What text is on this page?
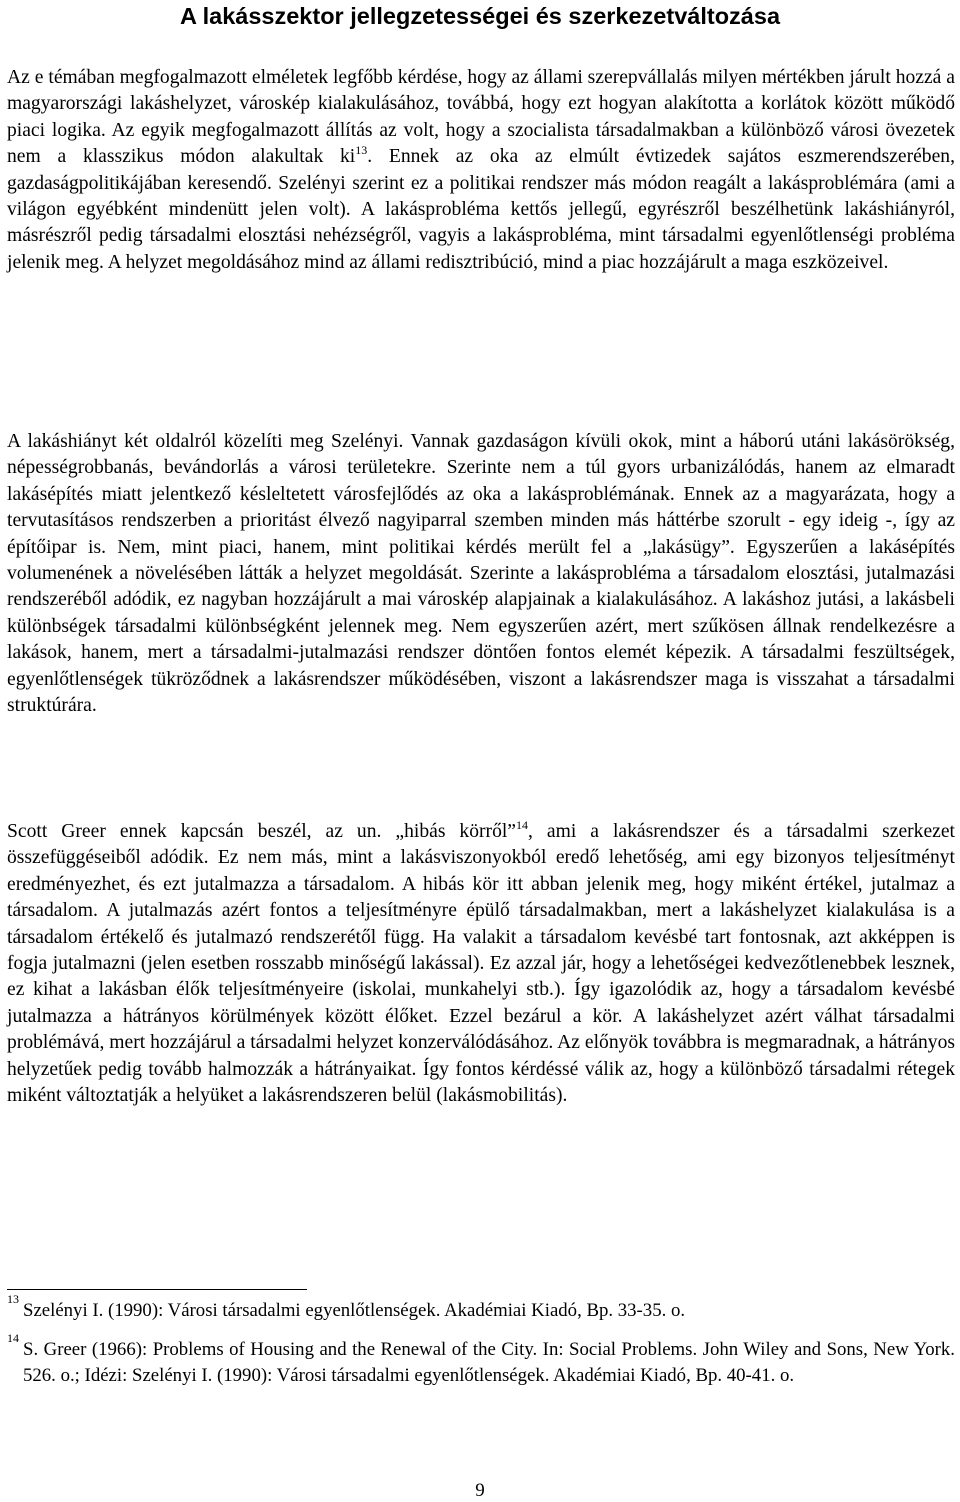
A lakásszektor jellegzetességei és szerkezetváltozása

Az e témában megfogalmazott elméletek legfőbb kérdése, hogy az állami szerepvállalás milyen mértékben járult hozzá a magyarországi lakáshelyzet, városkép kialakulásához, továbbá, hogy ezt hogyan alakította a korlátok között működő piaci logika. Az egyik megfogalmazott állítás az volt, hogy a szocialista társadalmakban a különböző városi övezetek nem a klasszikus módon alakultak $ki^{13}$. Ennek az oka az elmúlt évtizedek sajátos eszmerendszerében, gazdaságpolitikájában keresendő. Szelényi szerint ez a politikai rendszer más módon reagált a lakásproblémára (ami a világon egyébként mindenütt jelen volt). A lakásprobléma kettős jellegű, egyrészről beszélhetünk lakáshiányról, másrészről pedig társadalmi elosztási nehézségről, vagyis a lakásprobléma, mint társadalmi egyenlőtlenségi probléma jelenik meg. A helyzet megoldásához mind az állami redisztribúció, mind a piac hozzájárult a maga eszközeivel.

A lakáshiányt két oldalról közelíti meg Szelényi. Vannak gazdaságon kívüli okok, mint a háború utáni lakásörökség, népességrobbanás, bevándorlás a városi területekre. Szerinte nem a túl gyors urbanizálódás, hanem az elmaradt lakásépítés miatt jelentkező késleltetett városfejlődés az oka a lakásproblémának. Ennek az a magyarázata, hogy a tervutasításos rendszerben a prioritást élvező nagyiparral szemben minden más háttérbe szorult - egy ideig -, így az építőipar is. Nem, mint piaci, hanem, mint politikai kérdés merült fel a „lakásügy”. Egyszerűen a lakásépítés volumenének a növelésében látták a helyzet megoldását. Szerinte a lakásprobléma a társadalom elosztási, jutalmazási rendszeréből adódik, ez nagyban hozzájárult a mai városkép alapjainak a kialakulásához. A lakáshoz jutási, a lakásbeli különbségek társadalmi különbségként jelennek meg. Nem egyszerűen azért, mert szűkösen állnak rendelkezésre a lakások, hanem, mert a társadalmi-jutalmazási rendszer döntően fontos elemét képezik. A társadalmi feszültségek, egyenlőtlenségek tükröződnek a lakásrendszer működésében, viszont a lakásrendszer maga is visszahat a társadalmi struktúrára.

Scott Greer ennek kapcsán beszél, az un. „hibás körről”$^{14}$, ami a lakásrendszer és a társadalmi szerkezet összefüggéseiből adódik. Ez nem más, mint a lakásviszonyokból eredő lehetőség, ami egy bizonyos teljesítményt eredményezhet, és ezt jutalmazza a társadalom. A hibás kör itt abban jelenik meg, hogy miként értékel, jutalmaz a társadalom. A jutalmazás azért fontos a teljesítményre épülő társadalmakban, mert a lakáshelyzet kialakulása is a társadalom értékelő és jutalmazó rendszerétől függ. Ha valakit a társadalom kevésbé tart fontosnak, azt akképpen is fogja jutalmazni (jelen esetben rosszabb minőségű lakással). Ez azzal jár, hogy a lehetőségei kedvezőtlenebbek lesznek, ez kihat a lakásban élők teljesítményeire (iskolai, munkahelyi stb.). Így igazolódik az, hogy a társadalom kevésbé jutalmazza a hátrányos körülmények között élőket. Ezzel bezárul a kör. A lakáshelyzet azért válhat társadalmi problémává, mert hozzájárul a társadalmi helyzet konzerválódásához. Az előnyök továbbra is megmaradnak, a hátrányos helyzetűek pedig tovább halmozzák a hátrányaikat. Így fontos kérdéssé válik az, hogy a különböző társadalmi rétegek miként változtatják a helyüket a lakásrendszeren belül (lakásmobilitás).

13
Szelényi I. (1990): Városi társadalmi egyenlőtlenségek. Akadémiai Kiadó, Bp. 33-35. o.
14
S. Greer (1966): Problems of Housing and the Renewal of the City. In: Social Problems. John Wiley and Sons, New York. 526. o.; Idézi: Szelényi I. (1990): Városi társadalmi egyenlőtlenségek. Akadémiai Kiadó, Bp. 40-41. o.
9
